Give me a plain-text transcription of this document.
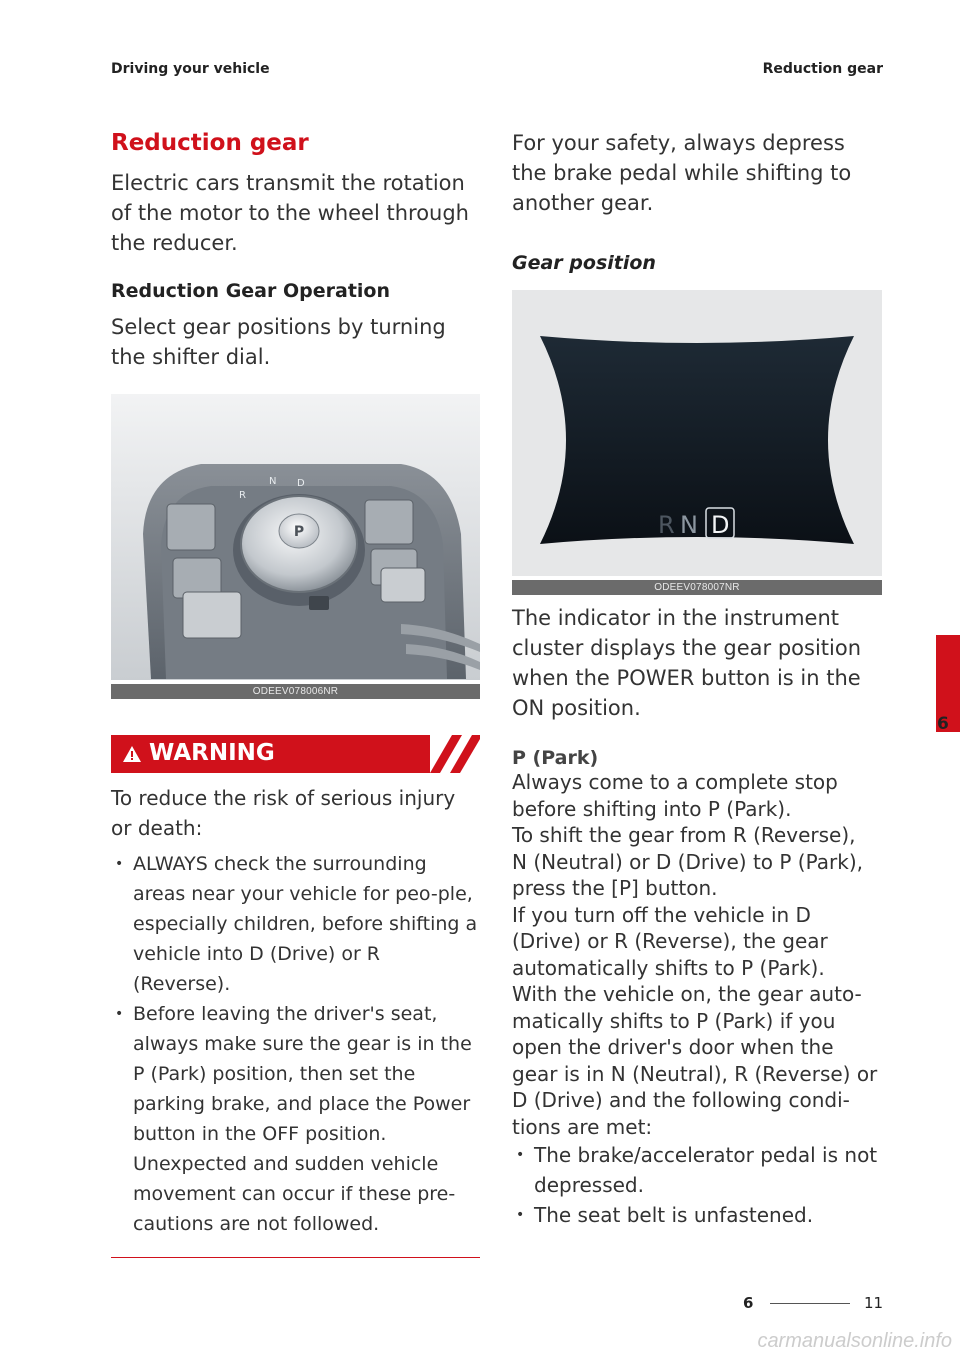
Driving your vehicle	Reduction gear
Reduction gear

Electric cars transmit the rotation of the motor to the wheel through the reducer.

Reduction Gear Operation

Select gear positions by turning the shifter dial.

P
R
N D
ODEEV078006NR
WARNING

To reduce the risk of serious injury or death:

• ALWAYS check the surrounding areas near your vehicle for peo-ple, especially children, before shifting a vehicle into D (Drive) or R (Reverse).
• Before leaving the driver's seat, always make sure the gear is in the P (Park) position, then set the parking brake, and place the Power button in the OFF position. Unexpected and sudden vehicle movement can occur if these pre-cautions are not followed.

For your safety, always depress the brake pedal while shifting to another gear.

Gear position
R N D
ODEEV078007NR

The indicator in the instrument cluster displays the gear position when the POWER button is in the ON position.

P (Park)
Always come to a complete stop
before shifting into P (Park).
To shift the gear from R (Reverse),
N (Neutral) or D (Drive) to P (Park),
press the [P] button.
If you turn off the vehicle in D
(Drive) or R (Reverse), the gear
automatically shifts to P (Park).
With the vehicle on, the gear auto-
matically shifts to P (Park) if you
open the driver's door when the
gear is in N (Neutral), R (Reverse) or
D (Drive) and the following condi-
tions are met:
• The brake/accelerator pedal is not depressed.
• The seat belt is unfastened.
6
6	11
carmanualsonline.info
